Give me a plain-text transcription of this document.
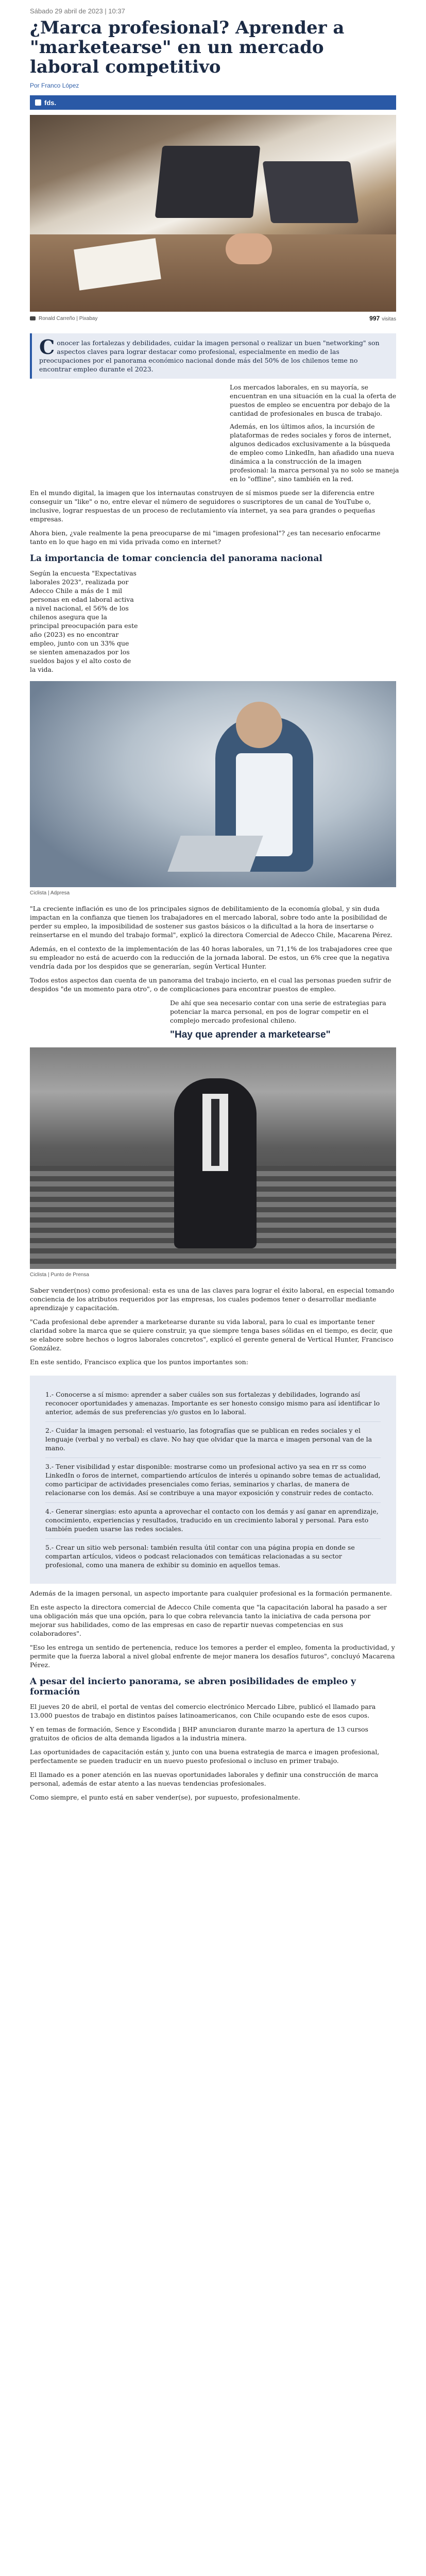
Sábado 29 abril de 2023 | 10:37
¿Marca profesional? Aprender a "marketearse" en un mercado laboral competitivo
Por Franco López
fds.
Ronald Carreño | Pixabay	997 visitas
Conocer las fortalezas y debilidades, cuidar la imagen personal o realizar un buen "networking" son aspectos claves para lograr destacar como profesional, especialmente en medio de las preocupaciones por el panorama económico nacional donde más del 50% de los chilenos teme no encontrar empleo durante el 2023.

Los mercados laborales, en su mayoría, se encuentran en una situación en la cual la oferta de puestos de empleo se encuentra por debajo de la cantidad de profesionales en busca de trabajo.

Además, en los últimos años, la incursión de plataformas de redes sociales y foros de internet, algunos dedicados exclusivamente a la búsqueda de empleo como LinkedIn, han añadido una nueva dinámica a la construcción de la imagen profesional: la marca personal ya no solo se maneja en lo "offline", sino también en la red.

En el mundo digital, la imagen que los internautas construyen de sí mismos puede ser la diferencia entre conseguir un "like" o no, entre elevar el número de seguidores o suscriptores de un canal de YouTube o, inclusive, lograr respuestas de un proceso de reclutamiento vía internet, ya sea para grandes o pequeñas empresas.

Ahora bien, ¿vale realmente la pena preocuparse de mi "imagen profesional"? ¿es tan necesario enfocarme tanto en lo que hago en mi vida privada como en internet?

La importancia de tomar conciencia del panorama nacional

Según la encuesta "Expectativas laborales 2023", realizada por Adecco Chile a más de 1 mil personas en edad laboral activa a nivel nacional, el 56% de los chilenos asegura que la principal preocupación para este año (2023) es no encontrar empleo, junto con un 33% que se sienten amenazados por los sueldos bajos y el alto costo de la vida.

Ciclista | Adpresa

"La creciente inflación es uno de los principales signos de debilitamiento de la economía global, y sin duda impactan en la confianza que tienen los trabajadores en el mercado laboral, sobre todo ante la posibilidad de perder su empleo, la imposibilidad de sostener sus gastos básicos o la dificultad a la hora de insertarse o reinsertarse en el mundo del trabajo formal", explicó la directora Comercial de Adecco Chile, Macarena Pérez.

Además, en el contexto de la implementación de las 40 horas laborales, un 71,1% de los trabajadores cree que su empleador no está de acuerdo con la reducción de la jornada laboral. De estos, un 6% cree que la negativa vendría dada por los despidos que se generarían, según Vertical Hunter.

Todos estos aspectos dan cuenta de un panorama del trabajo incierto, en el cual las personas pueden sufrir de despidos "de un momento para otro", o de complicaciones para encontrar puestos de empleo.

De ahí que sea necesario contar con una serie de estrategias para potenciar la marca personal, en pos de lograr competir en el complejo mercado profesional chileno.

"Hay que aprender a marketearse"
Ciclista | Punto de Prensa

Saber vender(nos) como profesional: esta es una de las claves para lograr el éxito laboral, en especial tomando conciencia de los atributos requeridos por las empresas, los cuales podemos tener o desarrollar mediante aprendizaje y capacitación.

"Cada profesional debe aprender a marketearse durante su vida laboral, para lo cual es importante tener claridad sobre la marca que se quiere construir, ya que siempre tenga bases sólidas en el tiempo, es decir, que se elabore sobre hechos o logros laborales concretos", explicó el gerente general de Vertical Hunter, Francisco González.

En este sentido, Francisco explica que los puntos importantes son:

1.- Conocerse a sí mismo: aprender a saber cuáles son sus fortalezas y debilidades, logrando así reconocer oportunidades y amenazas. Importante es ser honesto consigo mismo para así identificar lo anterior, además de sus preferencias y/o gustos en lo laboral.

2.- Cuidar la imagen personal: el vestuario, las fotografías que se publican en redes sociales y el lenguaje (verbal y no verbal) es clave. No hay que olvidar que la marca e imagen personal van de la mano.

3.- Tener visibilidad y estar disponible: mostrarse como un profesional activo ya sea en rr ss como LinkedIn o foros de internet, compartiendo artículos de interés u opinando sobre temas de actualidad, como participar de actividades presenciales como ferias, seminarios y charlas, de manera de relacionarse con los demás. Así se contribuye a una mayor exposición y construir redes de contacto.

4.- Generar sinergias: esto apunta a aprovechar el contacto con los demás y así ganar en aprendizaje, conocimiento, experiencias y resultados, traducido en un crecimiento laboral y personal. Para esto también pueden usarse las redes sociales.

5.- Crear un sitio web personal: también resulta útil contar con una página propia en donde se compartan artículos, videos o podcast relacionados con temáticas relacionadas a su sector profesional, como una manera de exhibir su dominio en aquellos temas.

Además de la imagen personal, un aspecto importante para cualquier profesional es la formación permanente.

En este aspecto la directora comercial de Adecco Chile comenta que "la capacitación laboral ha pasado a ser una obligación más que una opción, para lo que cobra relevancia tanto la iniciativa de cada persona por mejorar sus habilidades, como de las empresas en caso de repartir nuevas competencias en sus colaboradores".

"Eso les entrega un sentido de pertenencia, reduce los temores a perder el empleo, fomenta la productividad, y permite que la fuerza laboral a nivel global enfrente de mejor manera los desafíos futuros", concluyó Macarena Pérez.

A pesar del incierto panorama, se abren posibilidades de empleo y formación

El jueves 20 de abril, el portal de ventas del comercio electrónico Mercado Libre, publicó el llamado para 13.000 puestos de trabajo en distintos países latinoamericanos, con Chile ocupando este de esos cupos.

Y en temas de formación, Sence y Escondida | BHP anunciaron durante marzo la apertura de 13 cursos gratuitos de oficios de alta demanda ligados a la industria minera.

Las oportunidades de capacitación están y, junto con una buena estrategia de marca e imagen profesional, perfectamente se pueden traducir en un nuevo puesto profesional o incluso en primer trabajo.

El llamado es a poner atención en las nuevas oportunidades laborales y definir una construcción de marca personal, además de estar atento a las nuevas tendencias profesionales.

Como siempre, el punto está en saber vender(se), por supuesto, profesionalmente.
